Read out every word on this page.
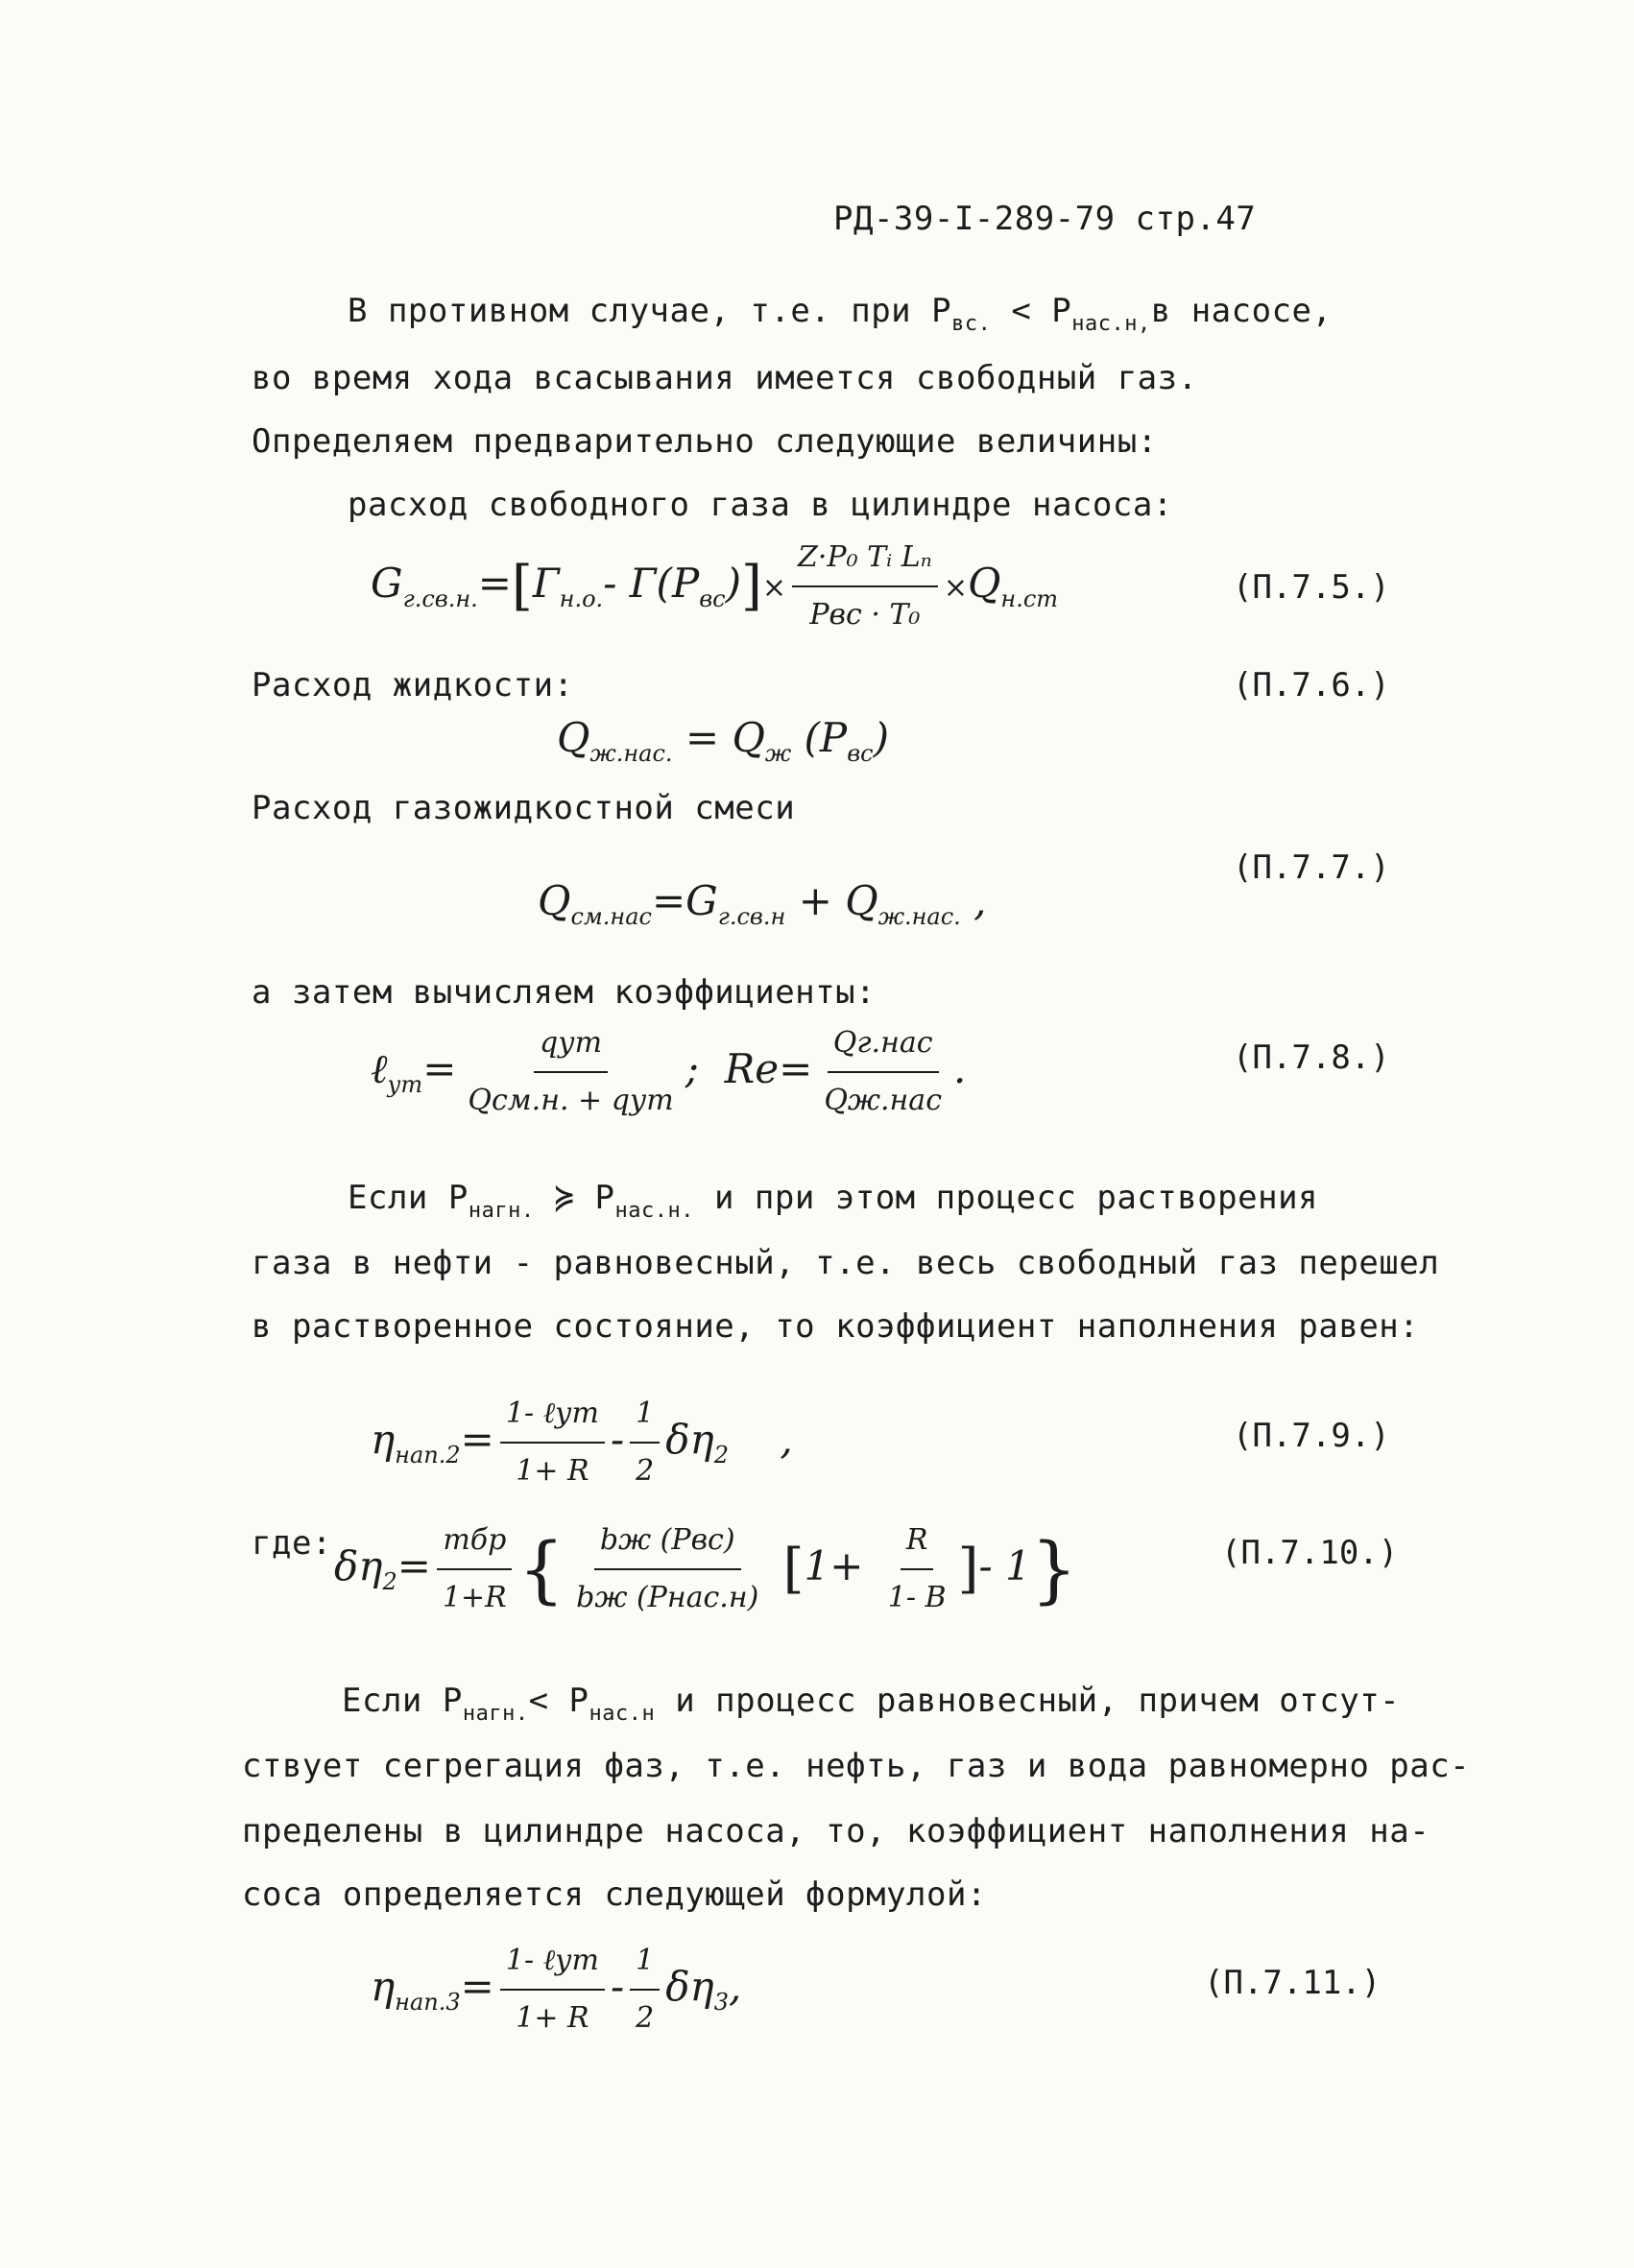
РД-39-I-289-79 стр.47
В противном случае, т.е. при $P_{вс.} < P_{нас.н,}в$ насосе,
во время хода всасывания имеется свободный газ.
Определяем предварительно следующие величины:
расход свободного газа в цилиндре насоса:
$G_{г.св.н.}=[Г_{н.о.}-$ $Г(P_{вс})]\times \frac{\text{Z·P₀ Tᵢ Lₙ}}{\text{Pвс · T₀}} \times Q_{н.ст}$	(П.7.5.)
Расход жидкости:	(П.7.6.)
$Q_{ж.нас.} = Q_ж$ $(P_{вс})$
Расход газожидкостной смеси
(П.7.7.)
$Q_{см.нас}=G_{г.св.н} + Q_{ж.нас.}$ ,
а затем вычисляем коэффициенты:
ℓ$_{ут}$= $\frac{\text{qут}}{\text{Qсм.н. + qут}}$ ; $Rе= \frac{\text{Qг.нас}}{\text{Qж.нас}}$ .	(П.7.8.)
Если $P_{нагн.}$ ≽ $P_{нас.н.}$ и при этом процесс растворения
газа в нефти - равновесный, т.е. весь свободный газ перешел
в растворенное состояние, то коэффициент наполнения равен:
$\eta_{нап.2}= \frac{\text{1- ℓут}}{1+ R} - \frac{1}{2} \delta\eta_2$ ,	(П.7.9.)
где: $\delta\eta_2= \frac{\text{mбр}}{1+R}$ { $\frac{\text{bж (Pвс)}}{\text{bж (Pнас.н)}} [1+ \frac{R}{1- B}$ ]- 1}	(П.7.10.)
Если $P_{нагн.}< P_{нас.н}$ и процесс равновесный, причем отсут-
ствует сегрегация фаз, т.е. нефть, газ и вода равномерно рас-
пределены в цилиндре насоса, то, коэффициент наполнения на-
соса определяется следующей формулой:
$\eta_{нап.3}= \frac{\text{1- ℓут}}{1+ R} - \frac{1}{2} \delta\eta_3$,	(П.7.11.)
